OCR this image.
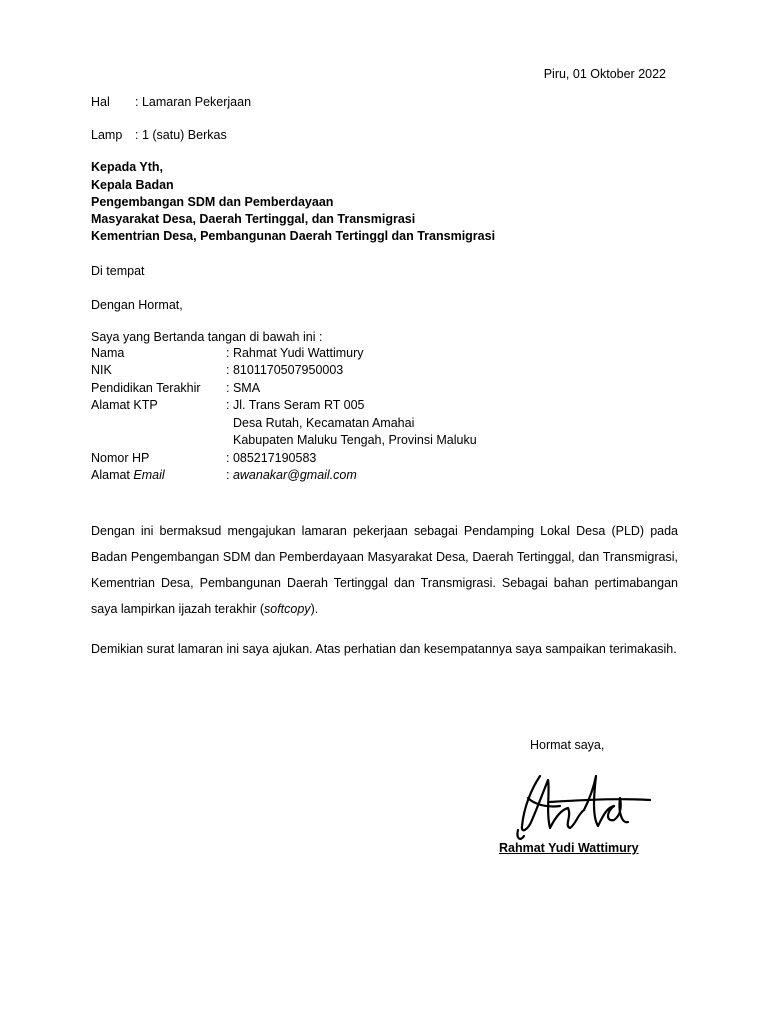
Piru, 01 Oktober 2022
Hal : Lamaran Pekerjaan
Lamp : 1 (satu) Berkas
Kepada Yth,
Kepala Badan
Pengembangan SDM dan Pemberdayaan
Masyarakat Desa, Daerah Tertinggal, dan Transmigrasi
Kementrian Desa, Pembangunan Daerah Tertinggl dan Transmigrasi
Di tempat
Dengan Hormat,
Saya yang Bertanda tangan di bawah ini :
Nama	: Rahmat Yudi Wattimury
NIK	: 8101170507950003
Pendidikan Terakhir : SMA
Alamat KTP	: Jl. Trans Seram RT 005
Desa Rutah, Kecamatan Amahai
Kabupaten Maluku Tengah, Provinsi Maluku
Nomor HP	: 085217190583
Alamat Email	: awanakar@gmail.com
Dengan ini bermaksud mengajukan lamaran pekerjaan sebagai Pendamping Lokal Desa (PLD) pada Badan Pengembangan SDM dan Pemberdayaan Masyarakat Desa, Daerah Tertinggal, dan Transmigrasi, Kementrian Desa, Pembangunan Daerah Tertinggal dan Transmigrasi. Sebagai bahan pertimabangan saya lampirkan ijazah terakhir (softcopy).
Demikian surat lamaran ini saya ajukan. Atas perhatian dan kesempatannya saya sampaikan terimakasih.
Hormat saya,
Rahmat Yudi Wattimury
